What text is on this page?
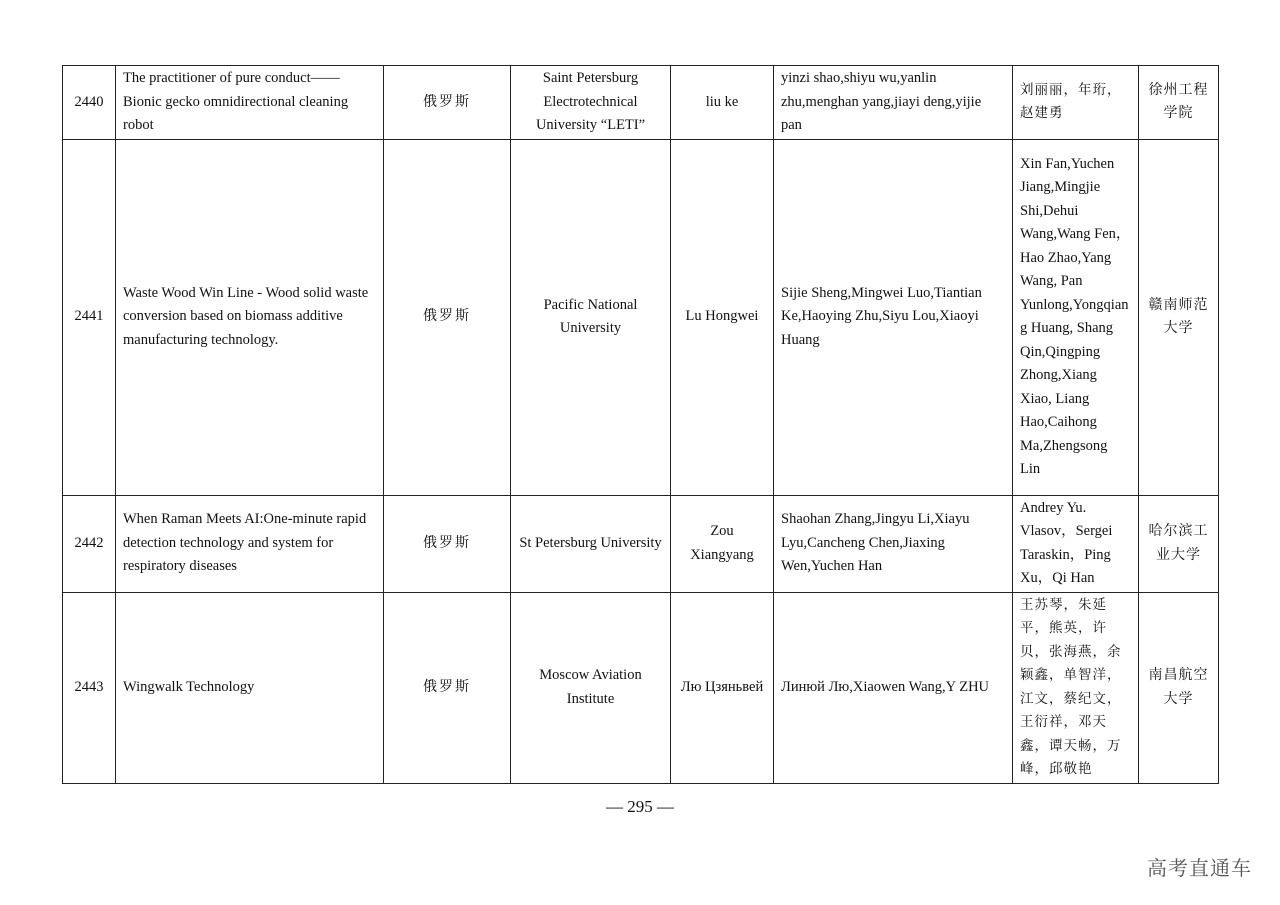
2440	The practitioner of pure conduct——Bionic gecko omnidirectional cleaning robot	俄罗斯	Saint Petersburg Electrotechnical University “LETI”	liu ke	yinzi shao,shiyu wu,yanlin zhu,menghan yang,jiayi deng,yijie pan	刘丽丽，年珩，赵建勇	徐州工程学院
2441	Waste Wood Win Line - Wood solid waste conversion based on biomass additive manufacturing technology.	俄罗斯	Pacific National University	Lu Hongwei	Sijie Sheng,Mingwei Luo,Tiantian Ke,Haoying Zhu,Siyu Lou,Xiaoyi Huang	Xin Fan,Yuchen Jiang,Mingjie Shi,Dehui Wang,Wang Fen，Hao Zhao,Yang Wang, Pan Yunlong,Yongqiang Huang, Shang Qin,Qingping Zhong,Xiang Xiao, Liang Hao,Caihong Ma,Zhengsong Lin	赣南师范大学
2442	When Raman Meets AI:One-minute rapid detection technology and system for respiratory diseases	俄罗斯	St Petersburg University	Zou Xiangyang	Shaohan Zhang,Jingyu Li,Xiayu Lyu,Cancheng Chen,Jiaxing Wen,Yuchen Han	Andrey Yu. Vlasov，Sergei Taraskin，Ping Xu，Qi Han	哈尔滨工业大学
2443	Wingwalk Technology	俄罗斯	Moscow Aviation Institute	Лю Цзяньвей	Линюй Лю,Xiaowen Wang,Y ZHU	王苏琴，朱延平，熊英，许贝，张海燕，余颖鑫，单智洋，江文，蔡纪文，王衍祥，邓天鑫，谭天畅，万峰，邱敬艳	南昌航空大学
— 295 —
高考直通车
